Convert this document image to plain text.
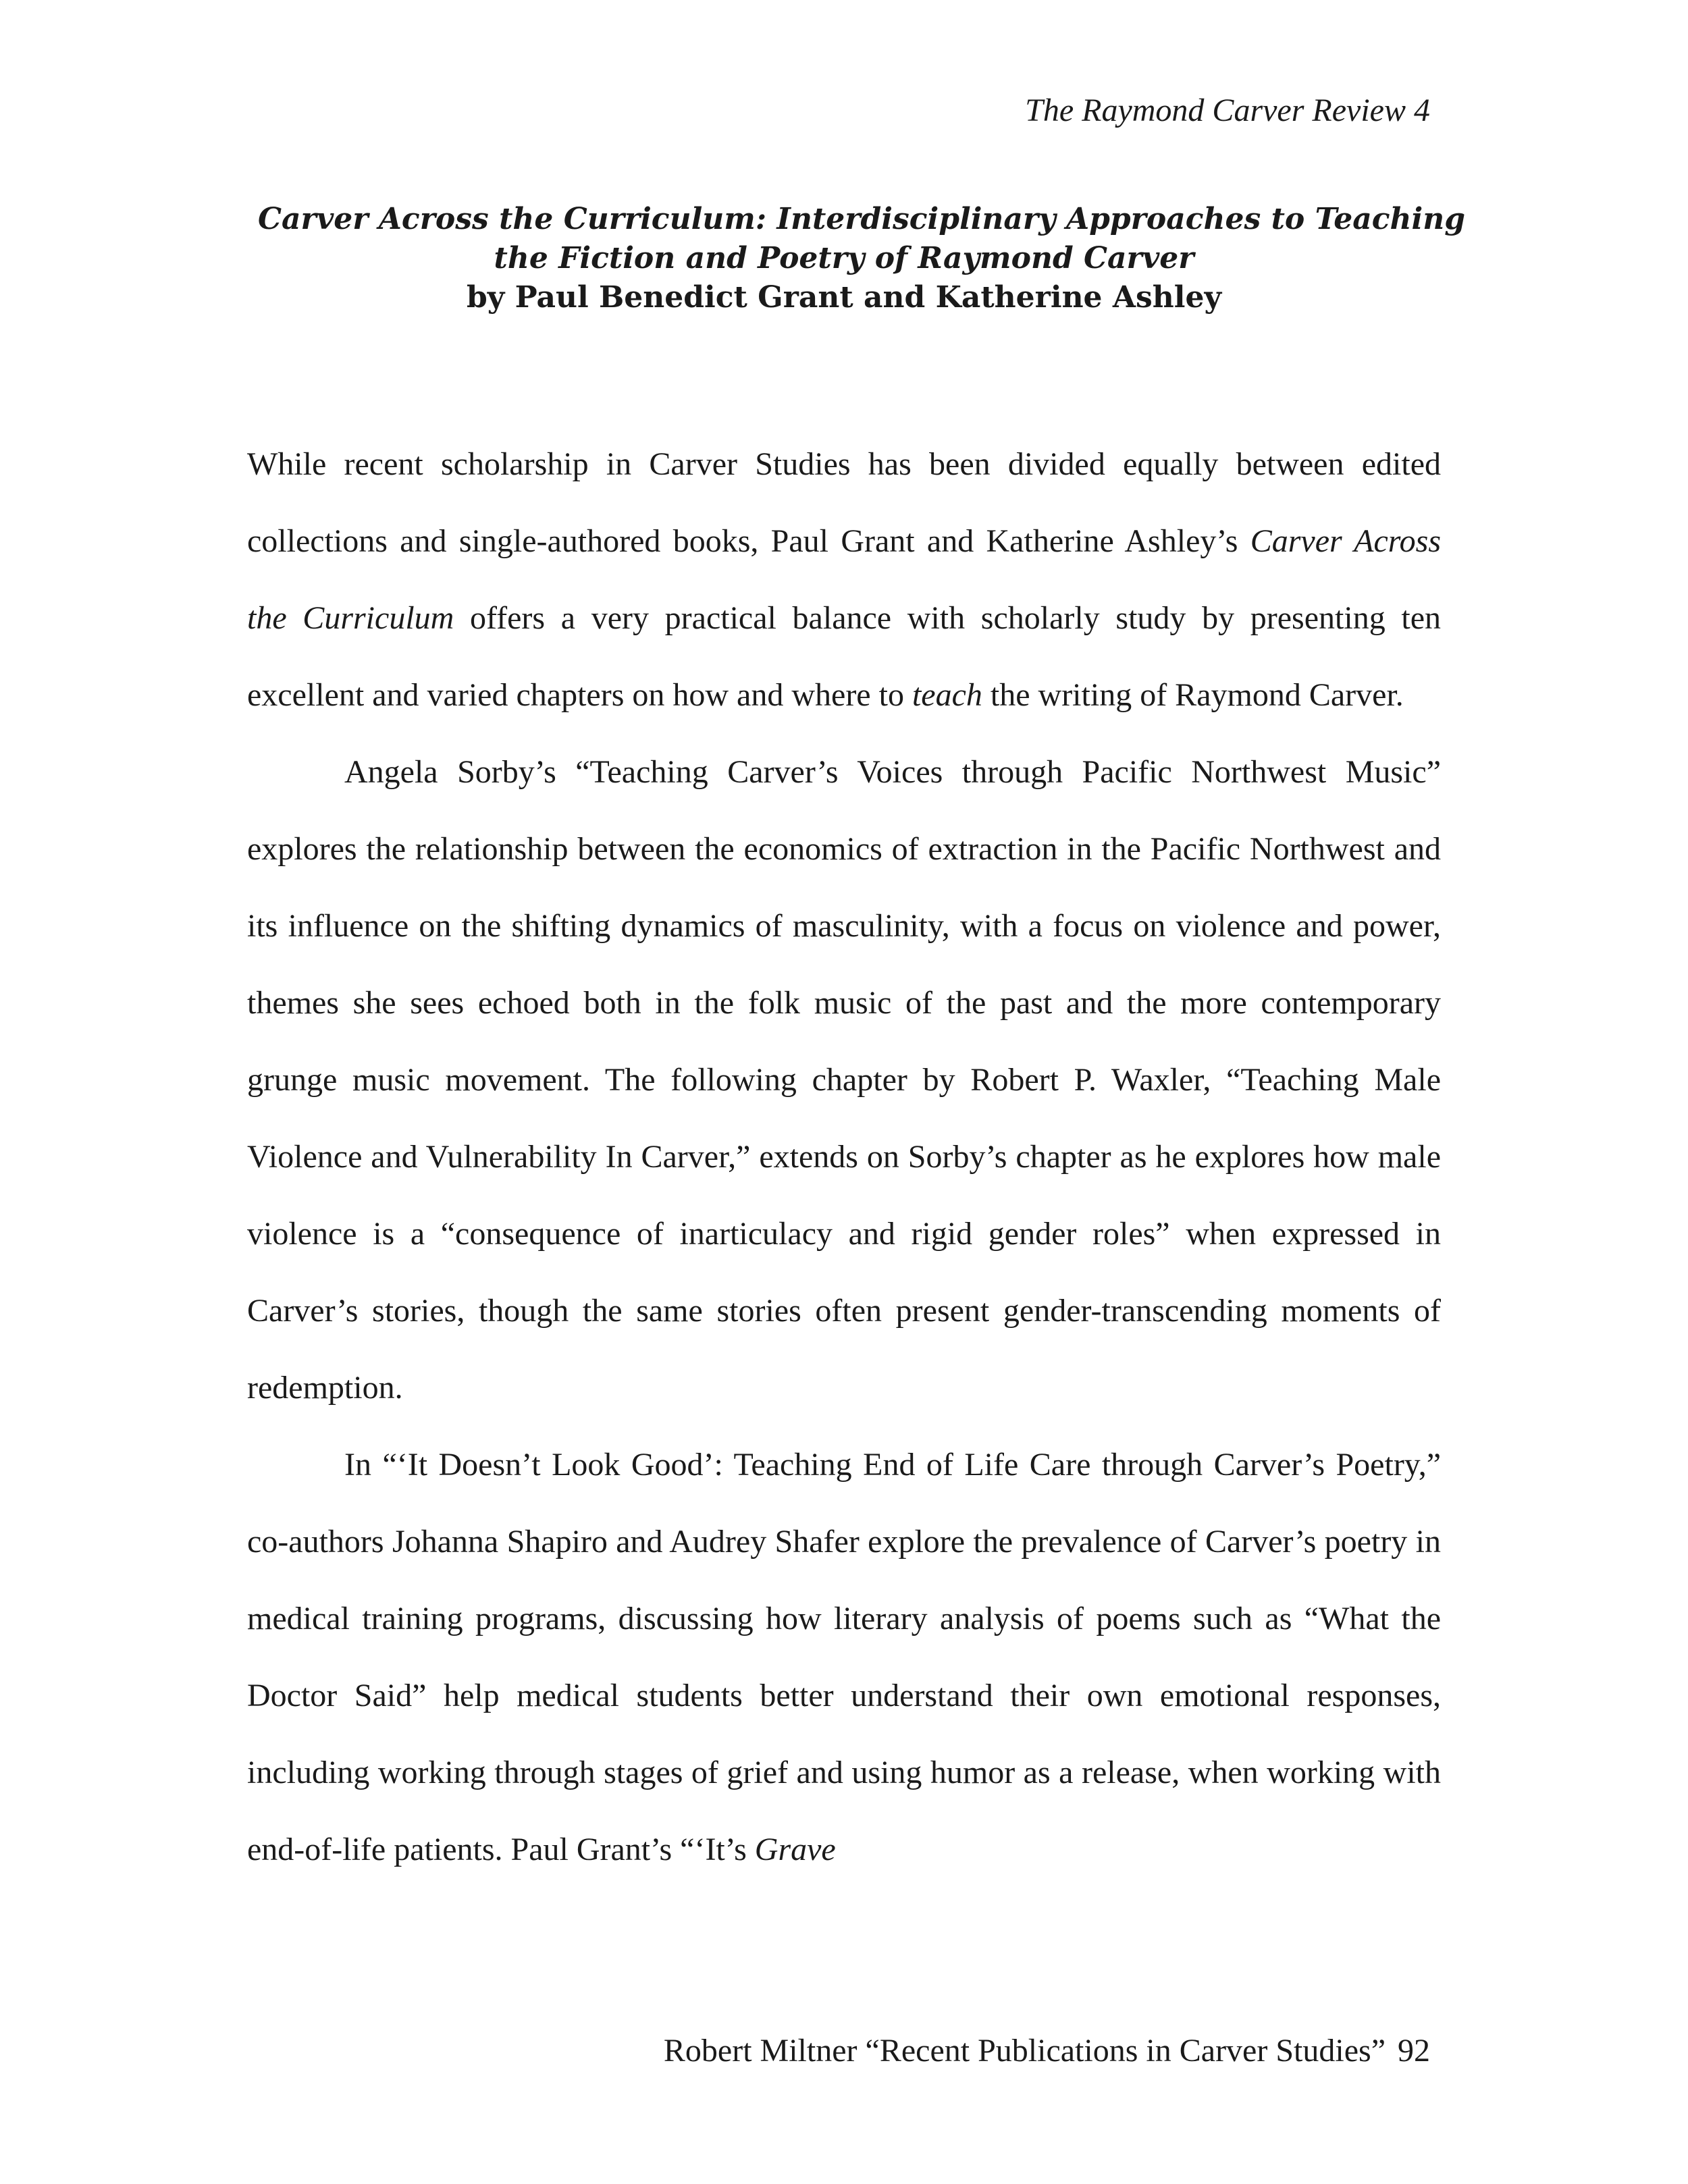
The Raymond Carver Review 4
Carver Across the Curriculum: Interdisciplinary Approaches to Teaching
the Fiction and Poetry of Raymond Carver
by Paul Benedict Grant and Katherine Ashley

While recent scholarship in Carver Studies has been divided equally between edited collections and single-authored books, Paul Grant and Katherine Ashley’s Carver Across the Curriculum offers a very practical balance with scholarly study by presenting ten excellent and varied chapters on how and where to teach the writing of Raymond Carver.

Angela Sorby’s “Teaching Carver’s Voices through Pacific Northwest Music” explores the relationship between the economics of extraction in the Pacific Northwest and its influence on the shifting dynamics of masculinity, with a focus on violence and power, themes she sees echoed both in the folk music of the past and the more contemporary grunge music movement. The following chapter by Robert P. Waxler, “Teaching Male Violence and Vulnerability In Carver,” extends on Sorby’s chapter as he explores how male violence is a “consequence of inarticulacy and rigid gender roles” when expressed in Carver’s stories, though the same stories often present gender-transcending moments of redemption.

In “‘It Doesn’t Look Good’: Teaching End of Life Care through Carver’s Poetry,” co-authors Johanna Shapiro and Audrey Shafer explore the prevalence of Carver’s poetry in medical training programs, discussing how literary analysis of poems such as “What the Doctor Said” help medical students better understand their own emotional responses, including working through stages of grief and using humor as a release, when working with end-of-life patients. Paul Grant’s “‘It’s Grave

Robert Miltner “Recent Publications in Carver Studies” 92
